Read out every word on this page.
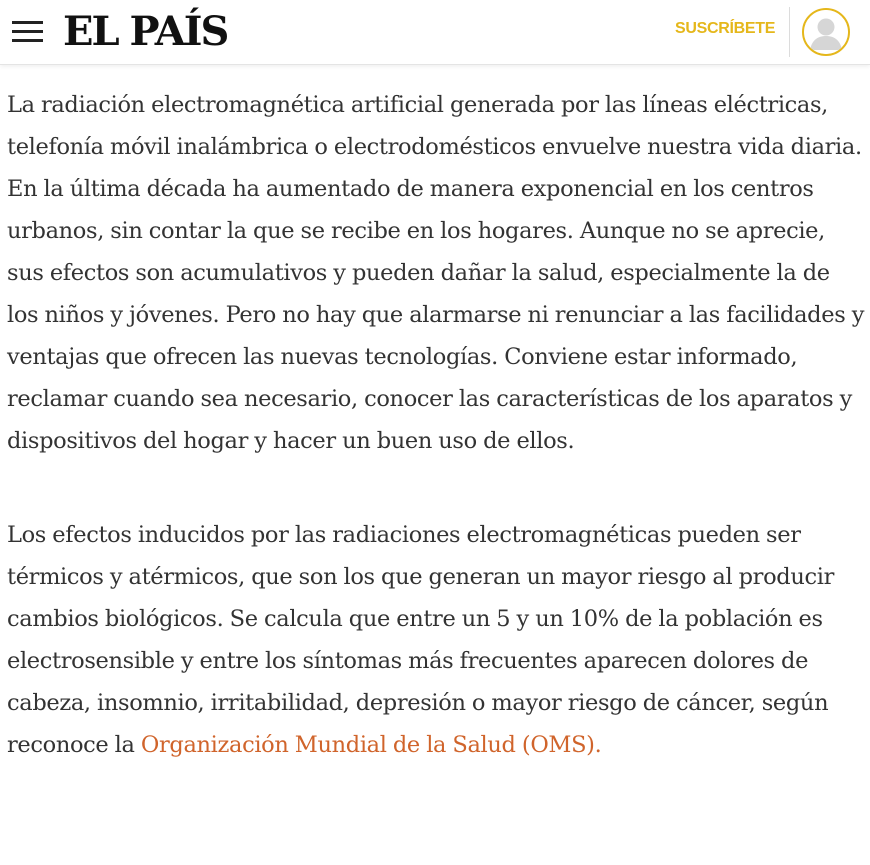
EL PAÍS	SUSCRÍBETE

La radiación electromagnética artificial generada por las líneas eléctricas, telefonía móvil inalámbrica o electrodomésticos envuelve nuestra vida diaria. En la última década ha aumentado de manera exponencial en los centros urbanos, sin contar la que se recibe en los hogares. Aunque no se aprecie, sus efectos son acumulativos y pueden dañar la salud, especialmente la de los niños y jóvenes. Pero no hay que alarmarse ni renunciar a las facilidades y ventajas que ofrecen las nuevas tecnologías. Conviene estar informado, reclamar cuando sea necesario, conocer las características de los aparatos y dispositivos del hogar y hacer un buen uso de ellos.

Los efectos inducidos por las radiaciones electromagnéticas pueden ser térmicos y atérmicos, que son los que generan un mayor riesgo al producir cambios biológicos. Se calcula que entre un 5 y un 10% de la población es electrosensible y entre los síntomas más frecuentes aparecen dolores de cabeza, insomnio, irritabilidad, depresión o mayor riesgo de cáncer, según reconoce la Organización Mundial de la Salud (OMS).
